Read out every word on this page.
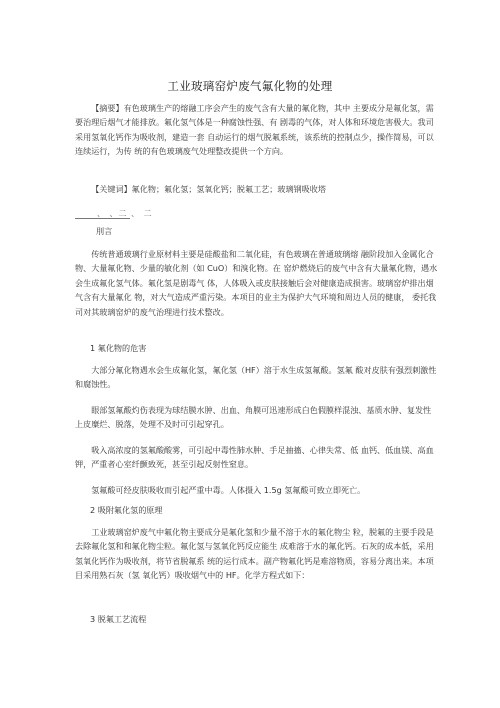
工业玻璃窑炉废气氟化物的处理

【摘要】有色玻璃生产的熔融工序会产生的废气含有大量的氟化物，其中 主要成分是氟化氢，需要治理后烟气才能排放。氟化氢气体是一种腐蚀性强、有 剧毒的气体，对人体和环境危害极大。我司采用氢氧化钙作为吸收剂，建造一套 自动运行的烟气脱氟系统，该系统的控制点少，操作简易，可以连续运行，为传 统的有色玻璃废气处理整改提供一个方向。

【关键词】氟化物；氟化氢；氢氧化钙；脱氟工艺；玻璃钢吸收塔

、 、二 、 二
刖言

传统普通玻璃行业原材料主要是硅酸盐和二氧化硅，有色玻璃在普通玻璃熔 融阶段加入金属化合物、大量氟化物、少量的敏化剂（如 CuO）和溴化物。在 窑炉燃烧后的废气中含有大量氟化物，遇水会生成氟化氢气体。氟化氢是剧毒气 体，人体吸入或皮肤接触后会对健康造成损害。玻璃窑炉排出烟气含有大量氟化 物，对大气造成严重污染。本项目的业主为保护大气环境和周边人员的健康， 委托我司对其玻璃窑炉的废气治理进行技术整改。

1 氟化物的危害

大部分氟化物遇水会生成氟化氢，氟化氢（HF）溶于水生成氢氟酸。氢氟 酸对皮肤有强烈刺激性和腐蚀性。

眼部氢氟酸灼伤表现为球结膜水肿、出血、角膜可迅速形成白色假膜样混浊、基质水肿、复发性上皮糜烂、脱落，处理不及时可引起穿孔。

吸入高浓度的氢氟酸酸雾，可引起中毒性肺水肿、手足抽搐、心律失常、低 血钙、低血镁、高血钾，严重者心室纤颤致死，甚至引起反射性窒息。

氢氟酸可经皮肤吸收而引起严重中毒。人体摄入 1.5g 氢氟酸可致立即死亡。

2 吸附氟化氢的原理

工业玻璃窑炉废气中氟化物主要成分是氟化氢和少量不溶于水的氟化物尘 粒，脱氟的主要手段是去除氟化氢和和氟化物尘粒。氟化氢与氢氧化钙反应能生 成难溶于水的氟化钙。石灰的成本低，采用氢氧化钙作为吸收剂，将节省脱氟系 统的运行成本。副产物氟化钙是难溶物质，容易分离出来。本项目采用熟石灰（氢 氧化钙）吸收烟气中的 HF。化学方程式如下：

3 脱氟工艺流程
